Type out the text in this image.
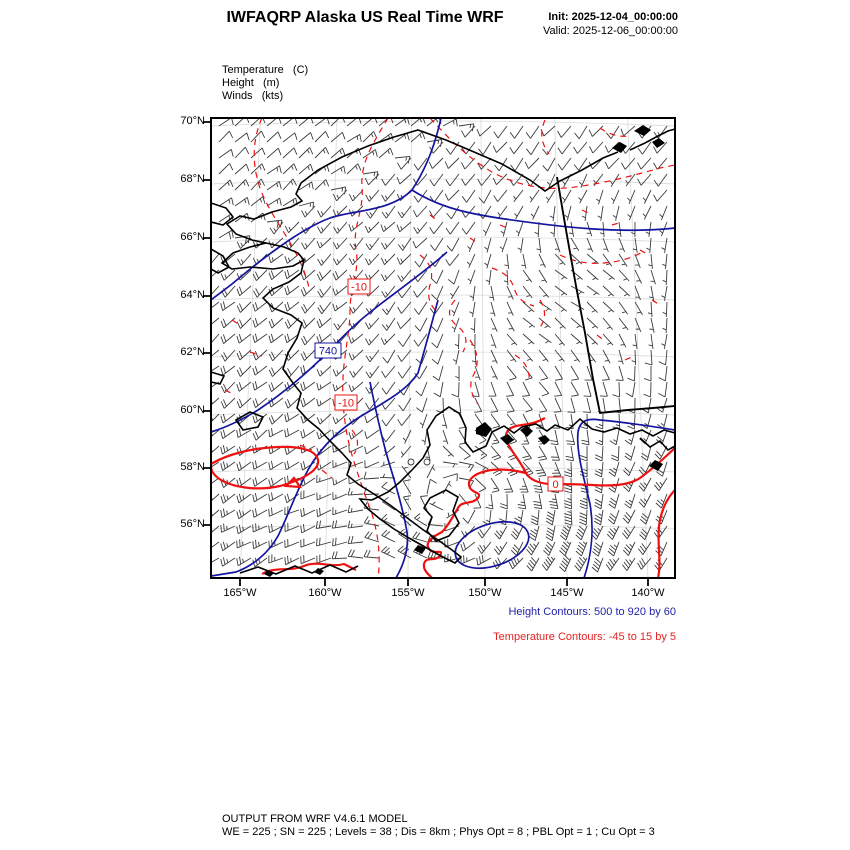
IWFAQRP Alaska US Real Time WRF	Init: 2025-12-04_00:00:00
Valid: 2025-12-06_00:00:00
Temperature   (C)
Height   (m)
Winds   (kts)
70°N
68°N
66°N
64°N
62°N
60°N
58°N
56°N
165°W	160°W	155°W	150°W	145°W	140°W
Height Contours: 500 to 920 by 60
Temperature Contours: -45 to 15 by 5
OUTPUT FROM WRF V4.6.1 MODEL
WE = 225 ; SN = 225 ; Levels = 38 ; Dis = 8km ; Phys Opt = 8 ; PBL Opt = 1 ; Cu Opt = 3
-10
740
-10
0
